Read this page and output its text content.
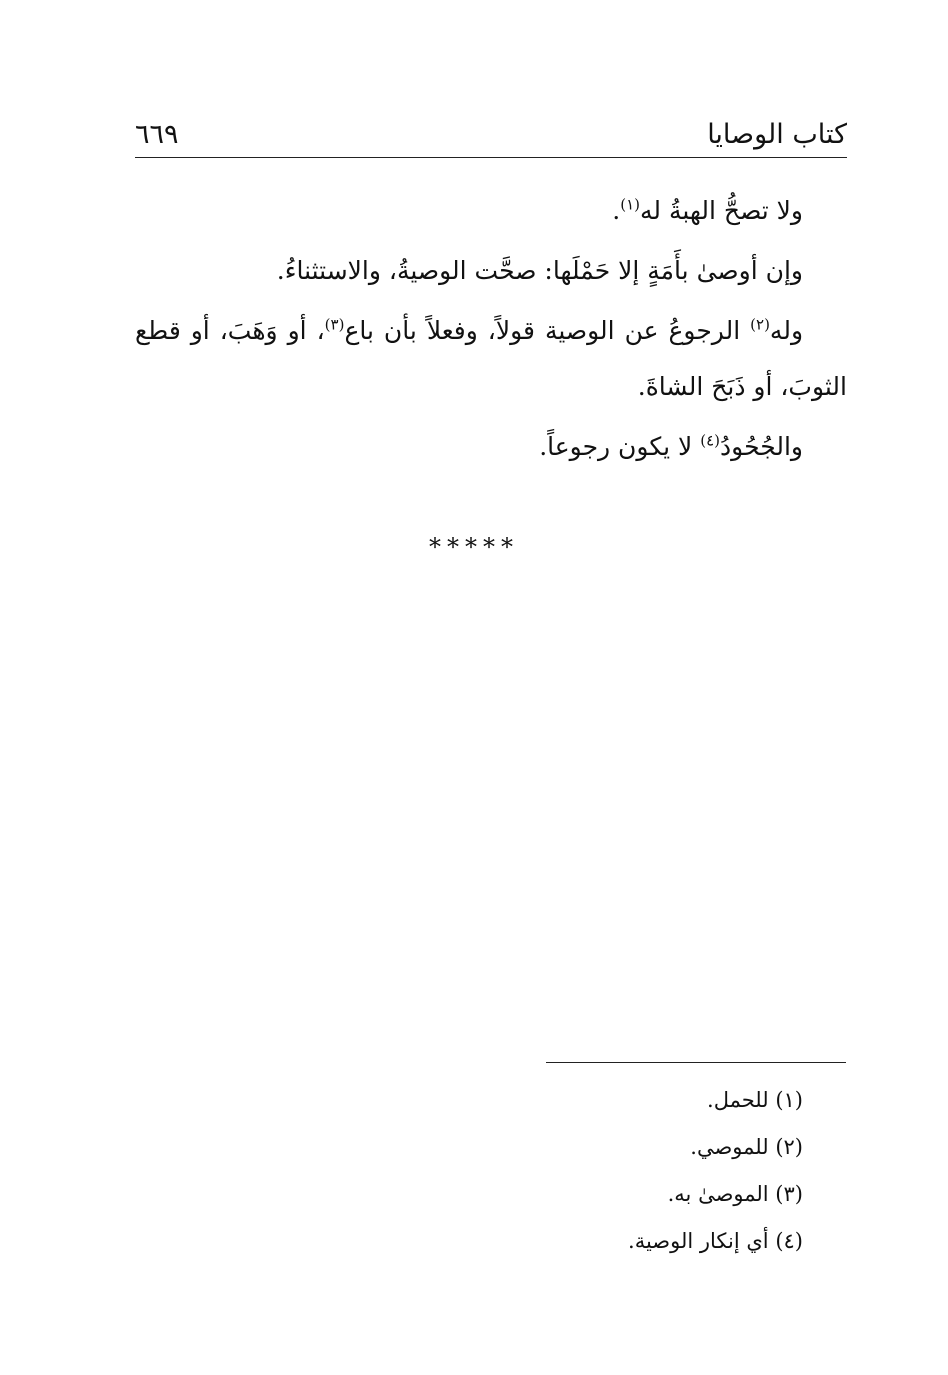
كتاب الوصايا
٦٦٩

ولا تصحُّ الهبةُ له$^{(١)}$.

وإن أوصىٰ بأَمَةٍ إلا حَمْلَها: صحَّت الوصيةُ، والاستثناءُ.

وله$^{(٢)}$ الرجوعُ عن الوصية قولاً، وفعلاً بأن باع$^{(٣)}$، أو وَهَبَ، أو قطع الثوبَ، أو ذَبَحَ الشاةَ.

والجُحُودُ$^{(٤)}$ لا يكون رجوعاً.

*****

(١) للحمل.

(٢) للموصي.

(٣) الموصىٰ به.

(٤) أي إنكار الوصية.
